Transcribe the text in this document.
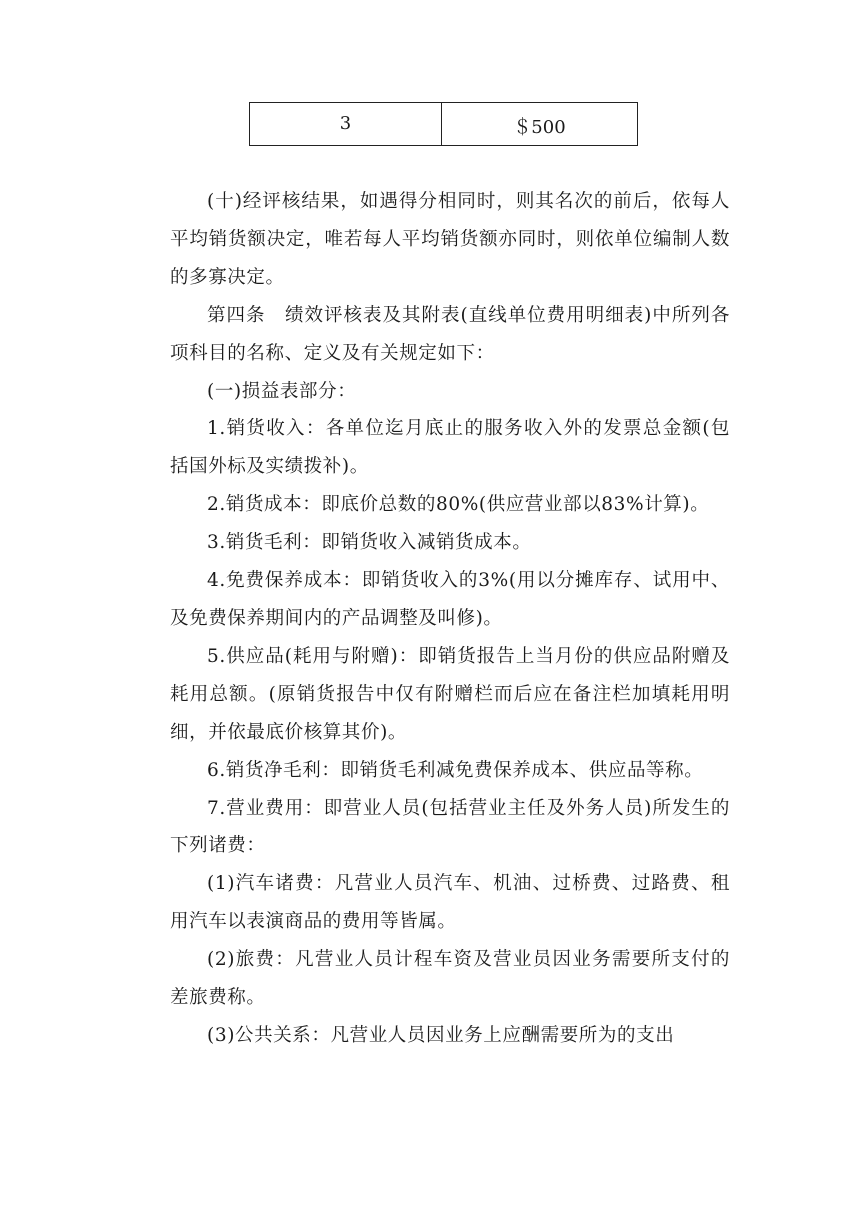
3	＄500

(十)经评核结果，如遇得分相同时，则其名次的前后，依每人平均销货额决定，唯若每人平均销货额亦同时，则依单位编制人数的多寡决定。

第四条　绩效评核表及其附表(直线单位费用明细表)中所列各项科目的名称、定义及有关规定如下：

(一)损益表部分：

1.销货收入：各单位迄月底止的服务收入外的发票总金额(包括国外标及实绩拨补)。

2.销货成本：即底价总数的80%(供应营业部以83%计算)。

3.销货毛利：即销货收入减销货成本。

4.免费保养成本：即销货收入的3%(用以分摊库存、试用中、及免费保养期间内的产品调整及叫修)。

5.供应品(耗用与附赠)：即销货报告上当月份的供应品附赠及耗用总额。(原销货报告中仅有附赠栏而后应在备注栏加填耗用明细，并依最底价核算其价)。

6.销货净毛利：即销货毛利减免费保养成本、供应品等称。

7.营业费用：即营业人员(包括营业主任及外务人员)所发生的下列诸费：

(1)汽车诸费：凡营业人员汽车、机油、过桥费、过路费、租用汽车以表演商品的费用等皆属。

(2)旅费：凡营业人员计程车资及营业员因业务需要所支付的差旅费称。

(3)公共关系：凡营业人员因业务上应酬需要所为的支出
